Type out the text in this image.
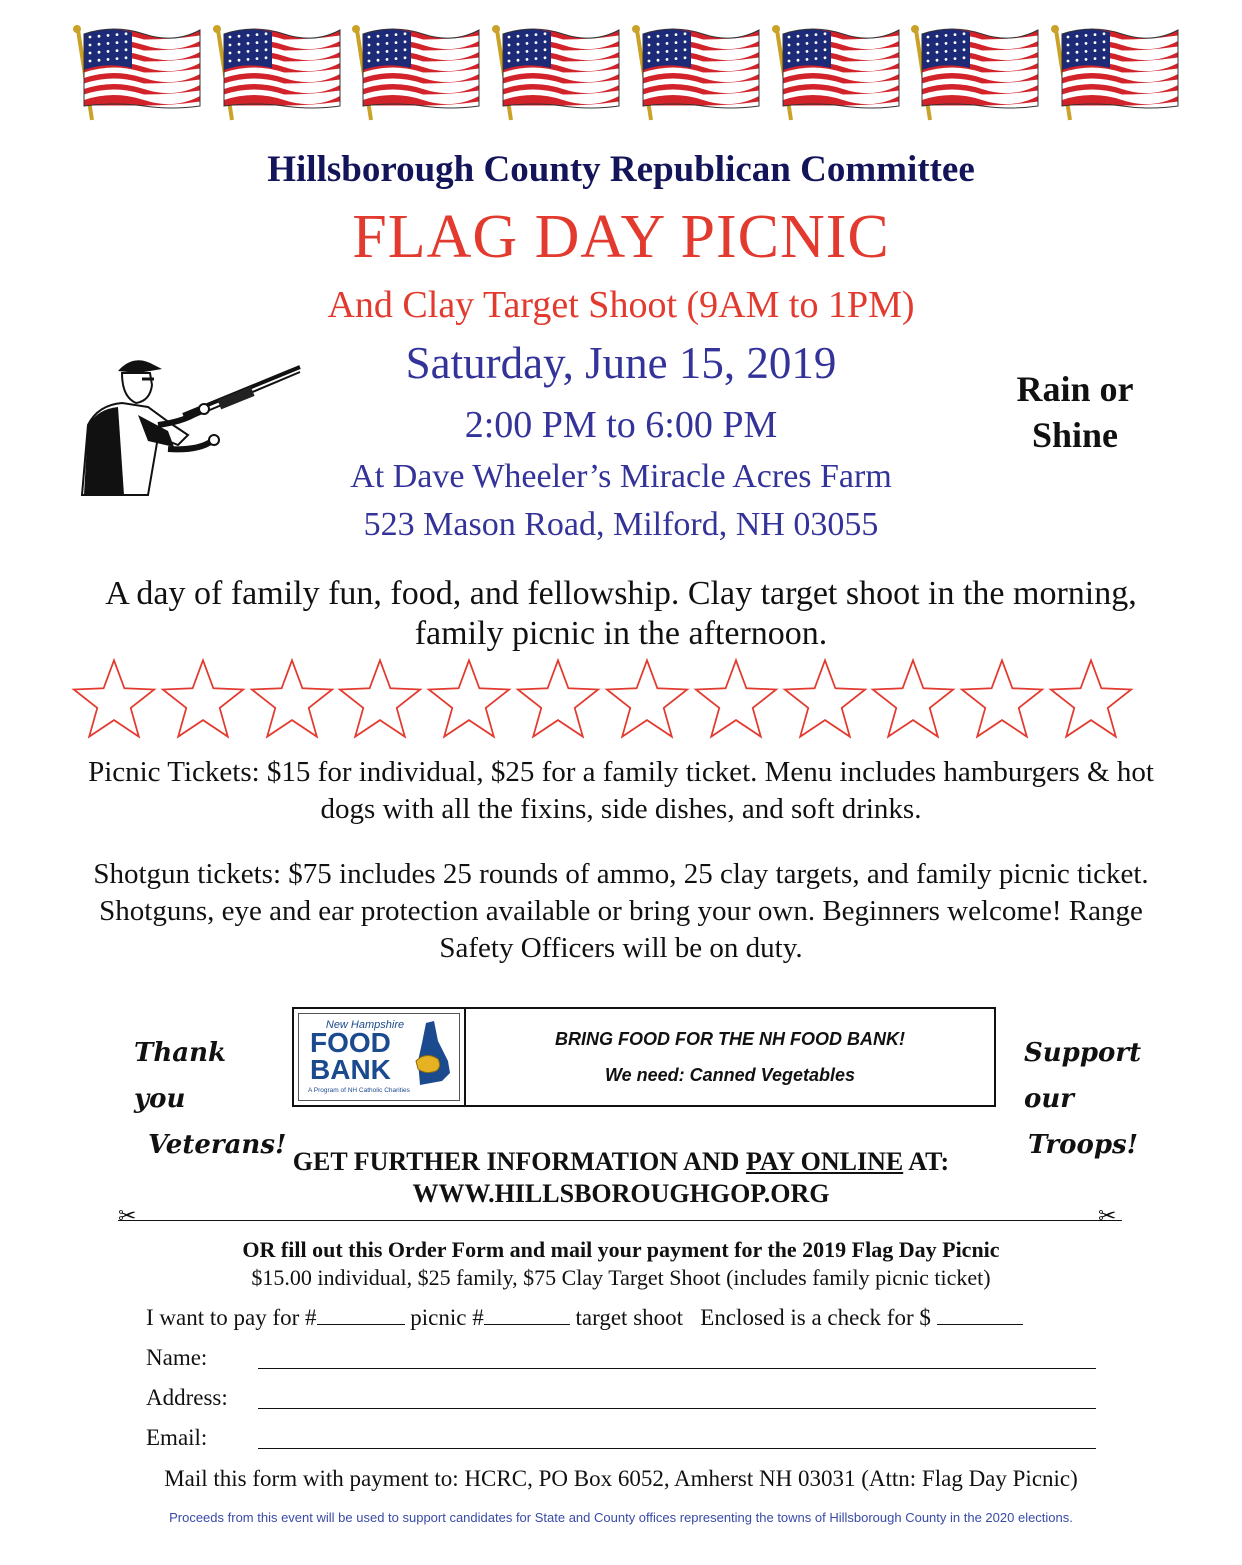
Hillsborough County Republican Committee
FLAG DAY PICNIC
And Clay Target Shoot (9AM to 1PM)
Saturday, June 15, 2019
2:00 PM to 6:00 PM
At Dave Wheeler’s Miracle Acres Farm
523 Mason Road, Milford, NH 03055
Rain or
Shine
A day of family fun, food, and fellowship. Clay target shoot in the morning, family picnic in the afternoon.
Picnic Tickets: $15 for individual, $25 for a family ticket. Menu includes hamburgers & hot dogs with all the fixins, side dishes, and soft drinks.
Shotgun tickets: $75 includes 25 rounds of ammo, 25 clay targets, and family picnic ticket. Shotguns, eye and ear protection available or bring your own. Beginners welcome! Range Safety Officers will be on duty.
Thank you
Veterans!
New Hampshire
FOOD
BANK
A Program of NH Catholic Charities
BRING FOOD FOR THE NH FOOD BANK!
We need: Canned Vegetables
Support our
Troops!
GET FURTHER INFORMATION AND PAY ONLINE AT:
WWW.HILLSBOROUGHGOP.ORG
✂	✂
OR fill out this Order Form and mail your payment for the 2019 Flag Day Picnic
$15.00 individual, $25 family, $75 Clay Target Shoot (includes family picnic ticket)
I want to pay for #	picnic #	target shoot Enclosed is a check for $
Name:
Address:
Email:
Mail this form with payment to: HCRC, PO Box 6052, Amherst NH 03031 (Attn: Flag Day Picnic)
Proceeds from this event will be used to support candidates for State and County offices representing the towns of Hillsborough County in the 2020 elections.
